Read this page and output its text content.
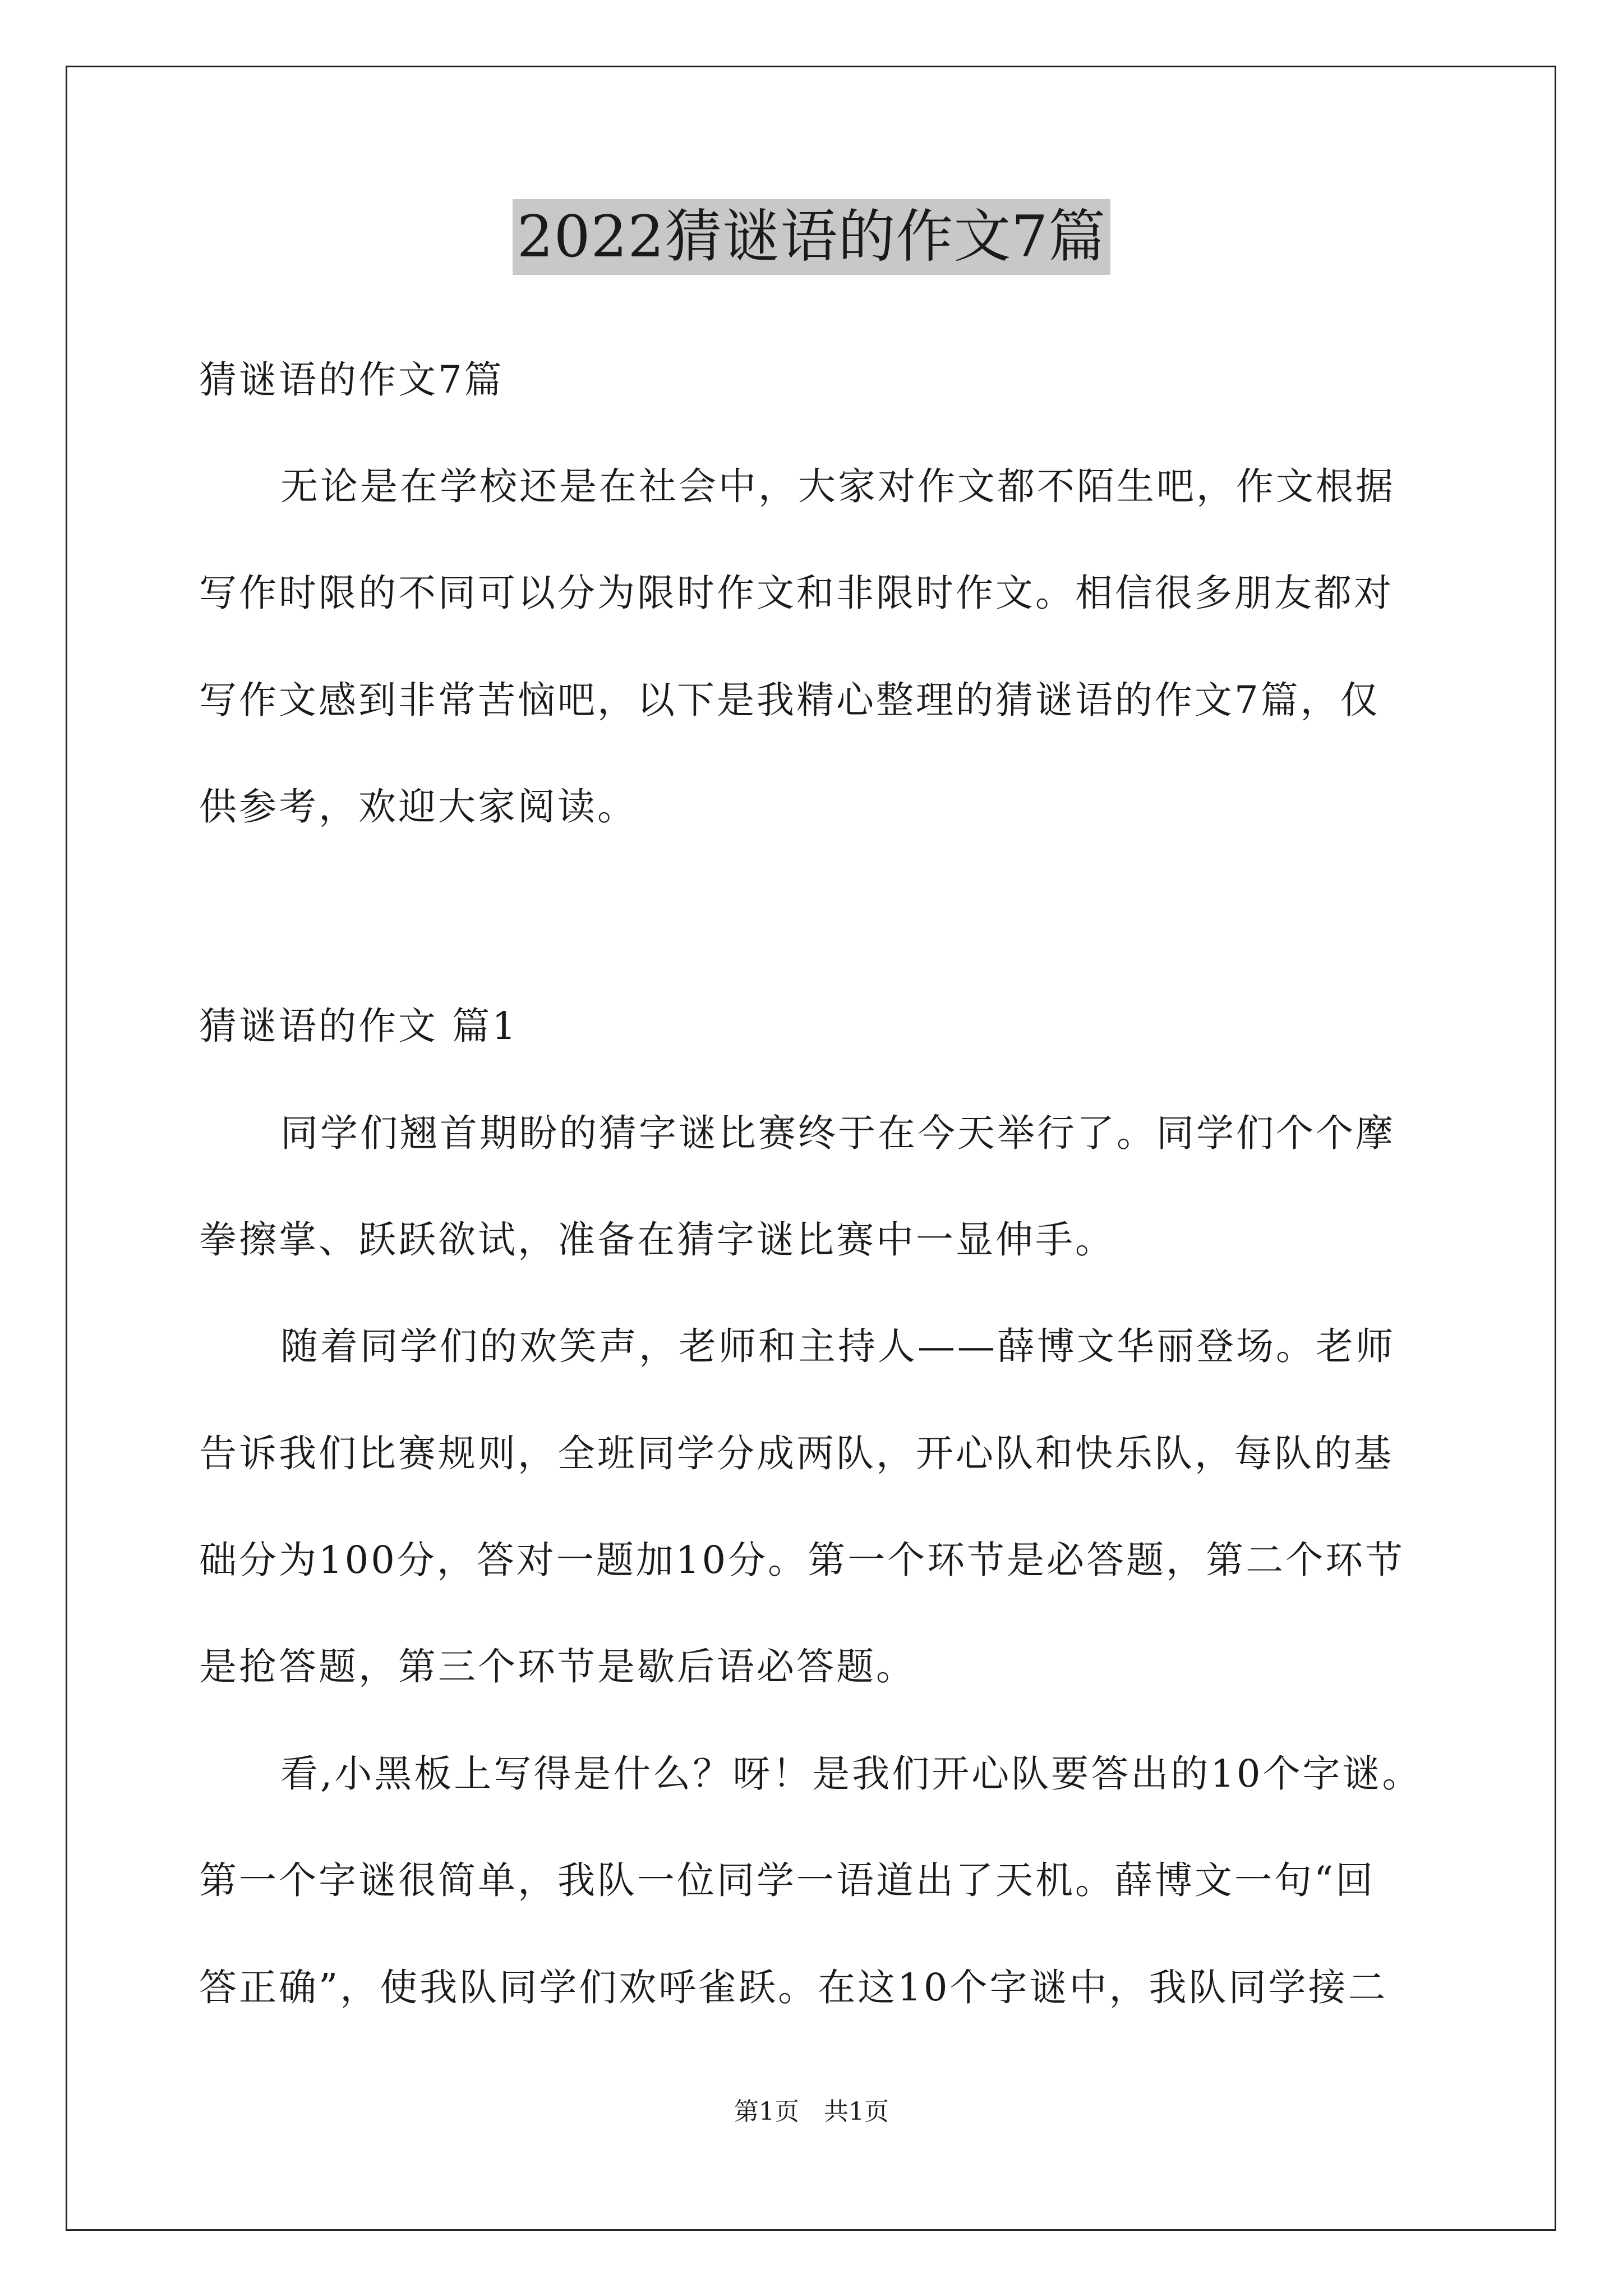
2022猜谜语的作文7篇
猜谜语的作文7篇
无论是在学校还是在社会中，大家对作文都不陌生吧，作文根据
写作时限的不同可以分为限时作文和非限时作文。相信很多朋友都对
写作文感到非常苦恼吧，以下是我精心整理的猜谜语的作文7篇，仅
供参考，欢迎大家阅读。
猜谜语的作文 篇1
同学们翘首期盼的猜字谜比赛终于在今天举行了。同学们个个摩
拳擦掌、跃跃欲试，准备在猜字谜比赛中一显伸手。
随着同学们的欢笑声，老师和主持人——薛博文华丽登场。老师
告诉我们比赛规则，全班同学分成两队，开心队和快乐队，每队的基
础分为100分，答对一题加10分。第一个环节是必答题，第二个环节
是抢答题，第三个环节是歇后语必答题。
看,小黑板上写得是什么？呀！是我们开心队要答出的10个字谜。
第一个字谜很简单，我队一位同学一语道出了天机。薛博文一句“回
答正确”，使我队同学们欢呼雀跃。在这10个字谜中，我队同学接二
第1页　共1页
